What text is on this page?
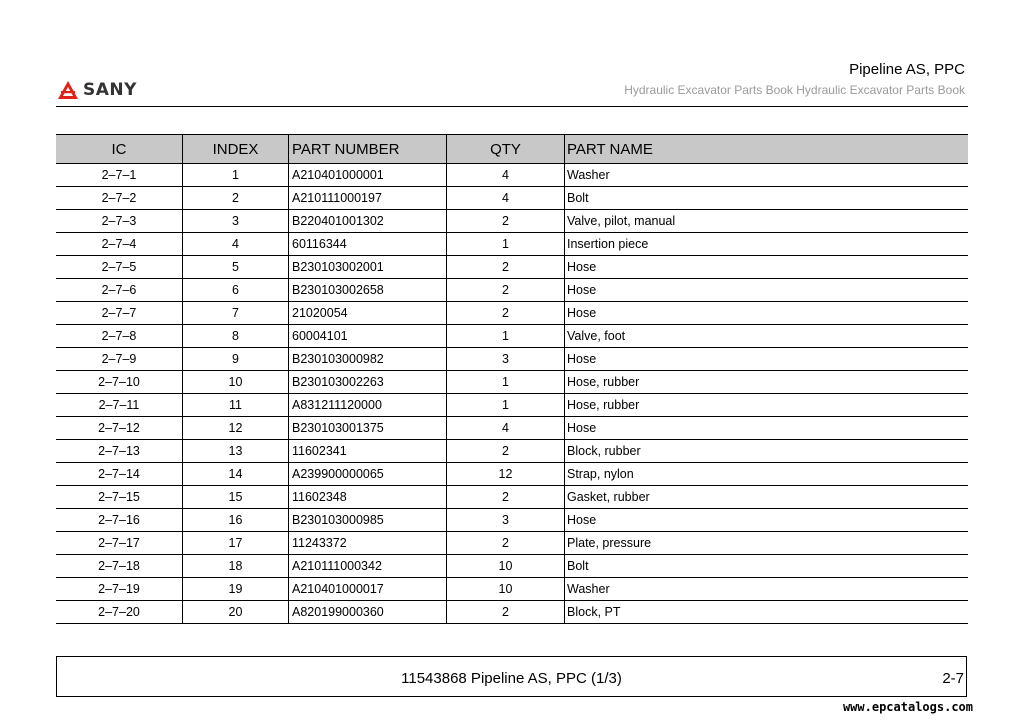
SANY
Pipeline AS, PPC
Hydraulic Excavator Parts Book Hydraulic Excavator Parts Book
IC	INDEX	PART NUMBER	QTY	PART NAME
2–7–1	1	A210401000001	4	Washer
2–7–2	2	A210111000197	4	Bolt
2–7–3	3	B220401001302	2	Valve, pilot, manual
2–7–4	4	60116344	1	Insertion piece
2–7–5	5	B230103002001	2	Hose
2–7–6	6	B230103002658	2	Hose
2–7–7	7	21020054	2	Hose
2–7–8	8	60004101	1	Valve, foot
2–7–9	9	B230103000982	3	Hose
2–7–10	10	B230103002263	1	Hose, rubber
2–7–11	11	A831211120000	1	Hose, rubber
2–7–12	12	B230103001375	4	Hose
2–7–13	13	11602341	2	Block, rubber
2–7–14	14	A239900000065	12	Strap, nylon
2–7–15	15	11602348	2	Gasket, rubber
2–7–16	16	B230103000985	3	Hose
2–7–17	17	11243372	2	Plate, pressure
2–7–18	18	A210111000342	10	Bolt
2–7–19	19	A210401000017	10	Washer
2–7–20	20	A820199000360	2	Block, PT
11543868 Pipeline AS, PPC (1/3)	2-7
www.epcatalogs.com
